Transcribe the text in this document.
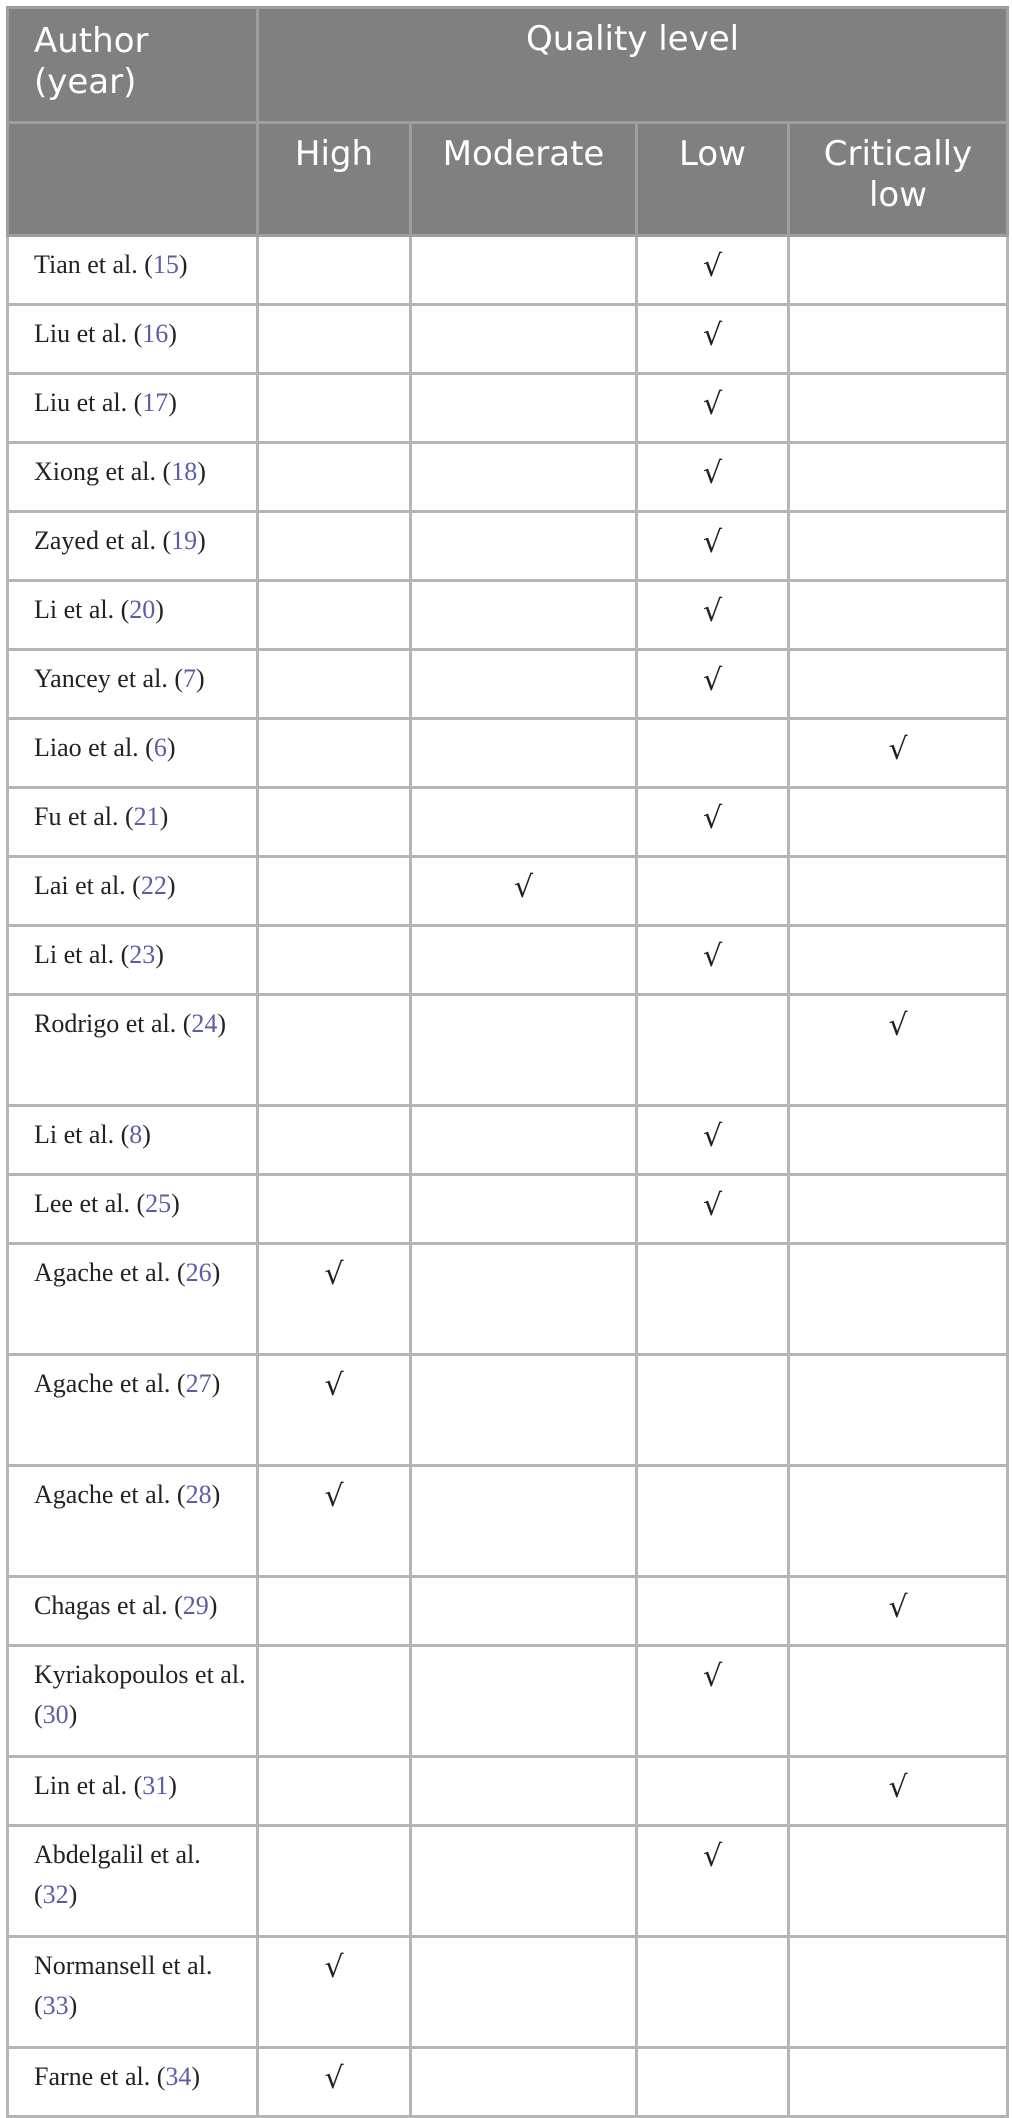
Author (year)	Quality level			
	High	Moderate	Low	Critically low
Tian et al. (15)			√	
Liu et al. (16)			√	
Liu et al. (17)			√	
Xiong et al. (18)			√	
Zayed et al. (19)			√	
Li et al. (20)			√	
Yancey et al. (7)			√	
Liao et al. (6)				√
Fu et al. (21)			√	
Lai et al. (22)		√		
Li et al. (23)			√	
Rodrigo et al. (24)				√
Li et al. (8)			√	
Lee et al. (25)			√	
Agache et al. (26)	√			
Agache et al. (27)	√			
Agache et al. (28)	√			
Chagas et al. (29)				√
Kyriakopoulos et al. (30)			√	
Lin et al. (31)				√
Abdelgalil et al. (32)			√	
Normansell et al. (33)	√			
Farne et al. (34)	√			
